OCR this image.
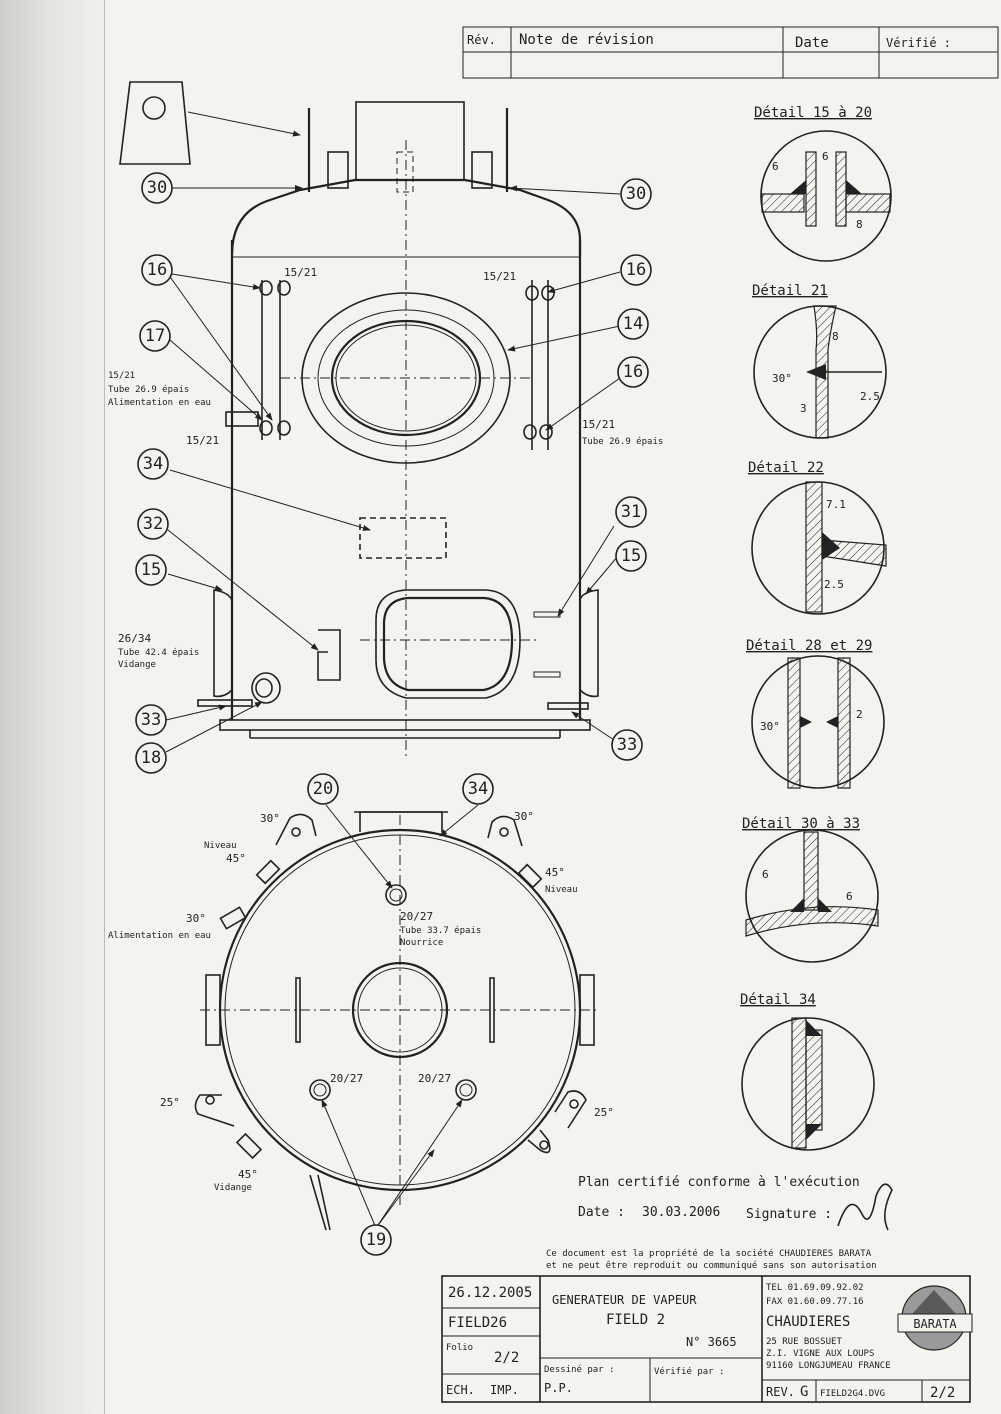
Rév. Note de révision	Date	Vérifié :
30	30
16	16
17
14
16
34
32
31
15
15
33
33
18
20	34
19
15/21	15/21
15/21
Tube 26.9 épais
Alimentation en eau
15/21
15/21
Tube 26.9 épais
26/34
Tube 42.4 épais
Vidange
30°	30°
Niveau
45°
45°
Niveau
30°
Alimentation en eau
20/27
Tube 33.7 épais
Nourrice
20/27	20/27
25°
25°
45°
Vidange
Détail 15 à 20
Détail 21
Détail 22
Détail 28 et 29
Détail 30 à 33
Détail 34
6
6
8
8
30°
2.5
3
7.1
2.5
30°
2
6
6
Plan certifié conforme à l'exécution
Date : 30.03.2006 Signature :
Ce document est la propriété de la société CHAUDIERES BARATA
et ne peut être reproduit ou communiqué sans son autorisation
26.12.2005
FIELD26
Folio
2/2
ECH. IMP.
GENERATEUR DE VAPEUR
FIELD 2
N° 3665
Dessiné par :
P.P.
Vérifié par :
TEL 01.69.09.92.02
FAX 01.60.09.77.16
CHAUDIERES
25 RUE BOSSUET
Z.I. VIGNE AUX LOUPS
91160 LONGJUMEAU FRANCE
BARATA
REV. G FIELD2G4.DVG	2/2
